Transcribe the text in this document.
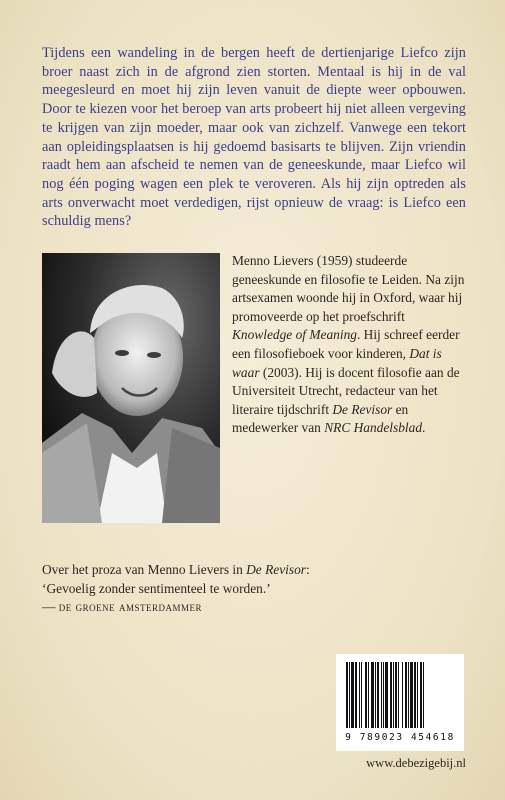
Tijdens een wandeling in de bergen heeft de dertienjarige Liefco zijn broer naast zich in de afgrond zien storten. Mentaal is hij in de val meegesleurd en moet hij zijn leven vanuit de diepte weer opbouwen. Door te kiezen voor het beroep van arts probeert hij niet alleen vergeving te krijgen van zijn moeder, maar ook van zichzelf. Vanwege een tekort aan opleidingsplaatsen is hij gedoemd basisarts te blijven. Zijn vriendin raadt hem aan afscheid te nemen van de geneeskunde, maar Liefco wil nog één poging wagen een plek te veroveren. Als hij zijn optreden als arts onverwacht moet verdedigen, rijst opnieuw de vraag: is Liefco een schuldig mens?

Menno Lievers (1959) studeerde geneeskunde en filosofie te Leiden. Na zijn artsexamen woonde hij in Oxford, waar hij promoveerde op het proefschrift Knowledge of Meaning. Hij schreef eerder een filosofieboek voor kinderen, Dat is waar (2003). Hij is docent filosofie aan de Universiteit Utrecht, redacteur van het literaire tijdschrift De Revisor en medewerker van NRC Handelsblad.

Over het proza van Menno Lievers in De Revisor:

‘Gevoelig zonder sentimenteel te worden.’

— de groene amsterdammer

9 789023 454618
www.debezigebij.nl
